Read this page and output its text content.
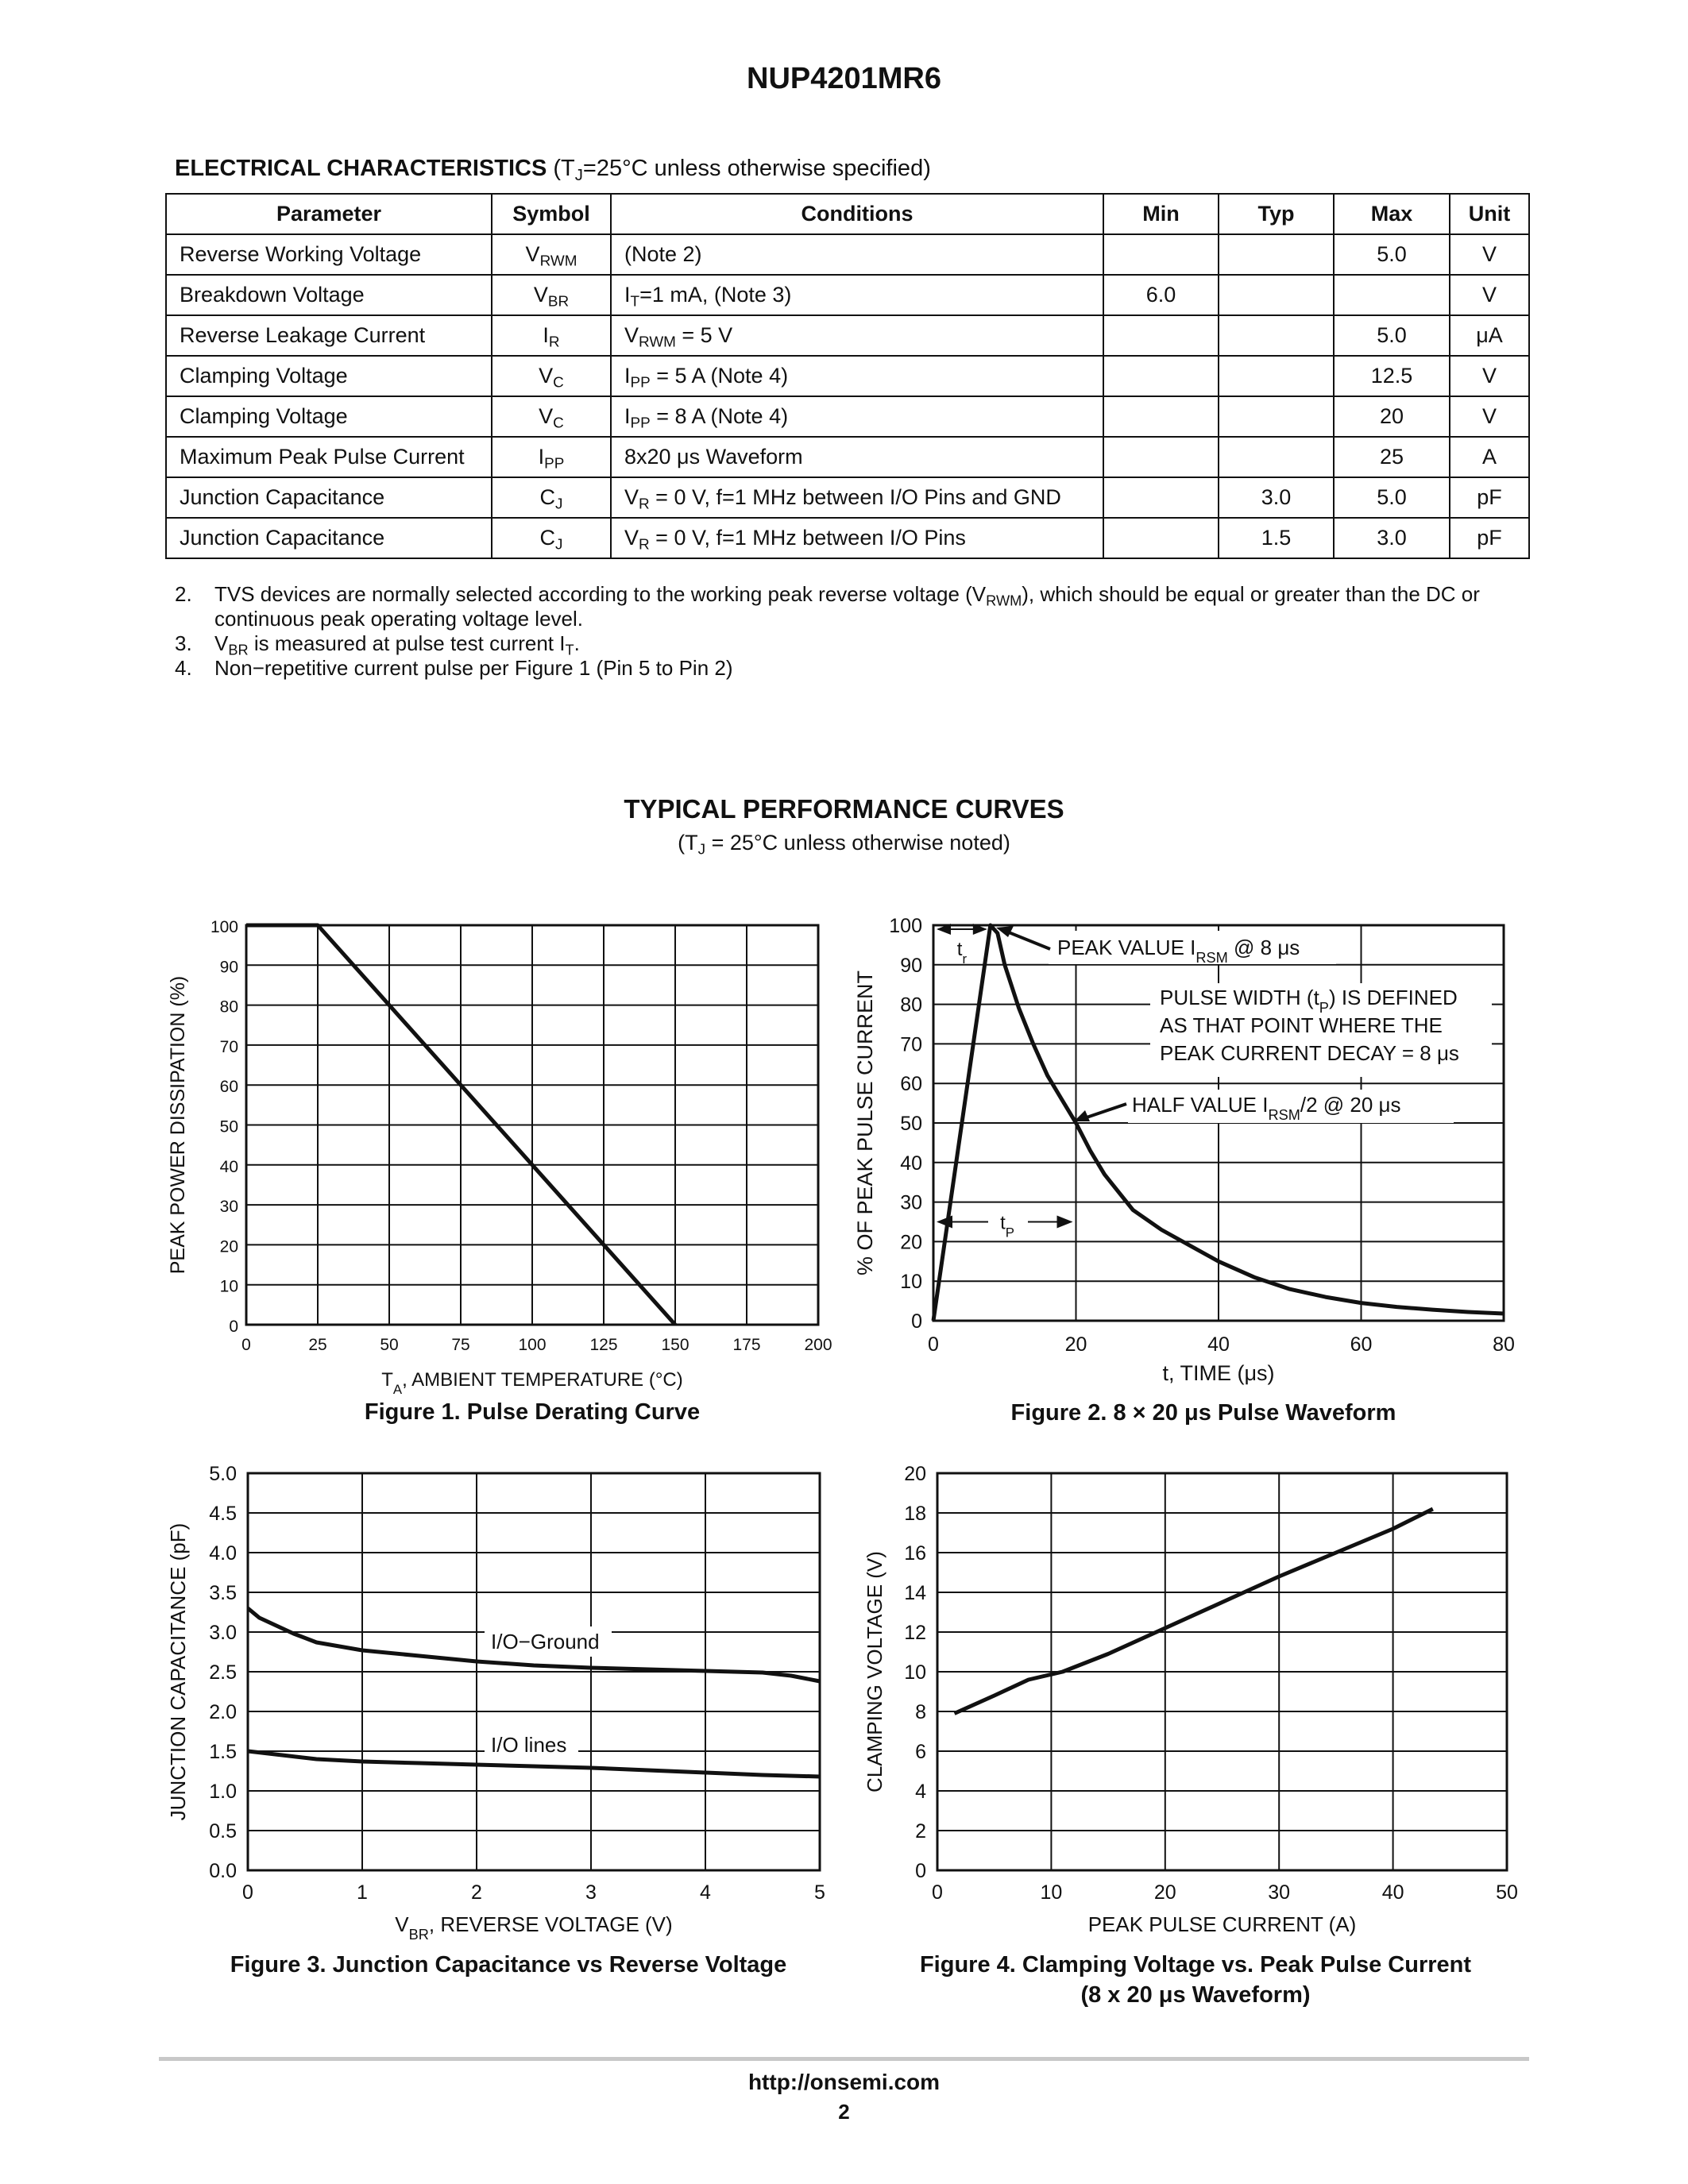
NUP4201MR6
ELECTRICAL CHARACTERISTICS ($T_J=25^\circ C$ unless otherwise specified)
Parameter	Symbol	Conditions	Min	Typ	Max	Unit
Reverse Working Voltage	$V_{RWM}$	(Note 2)			5.0	V
Breakdown Voltage	$V_{BR}$	$I_T=1$ mA, (Note 3)	6.0			V
Reverse Leakage Current	$I_R$	$V_{RWM} = 5$ V			5.0	μA
Clamping Voltage	$V_C$	$I_{PP} = 5$ A (Note 4)			12.5	V
Clamping Voltage	$V_C$	$I_{PP} = 8$ A (Note 4)			20	V
Maximum Peak Pulse Current	$I_{PP}$	8x20 μs Waveform			25	A
Junction Capacitance	$C_J$	$V_R = 0$ V, f=1 MHz between I/O Pins and GND		3.0	5.0	pF
Junction Capacitance	$C_J$	$V_R = 0$ V, f=1 MHz between I/O Pins		1.5	3.0	pF
2. TVS devices are normally selected according to the working peak reverse voltage $(V_{RWM})$, which should be equal or greater than the DC or continuous peak operating voltage level.
3. $V_{BR}$ is measured at pulse test current $I_T$.
4. Non−repetitive current pulse per Figure 1 (Pin 5 to Pin 2)
TYPICAL PERFORMANCE CURVES
($T_J = 25^\circ C$ unless otherwise noted)
0	25	50	75	100	125	150	175	200
0
10
20
30
40
50
60
70
80
90
100
$T_A$, AMBIENT TEMPERATURE (°C)
PEAK POWER DISSIPATION (%)
0	20	40	60	80
0
10
20
30
40
50
60
70
80
90
100
t, TIME (μs)
% OF PEAK PULSE CURRENT
$t_r$	PEAK VALUE $I_{RSM}$ @ 8 μs
PULSE WIDTH $(t_P)$ IS DEFINED
AS THAT POINT WHERE THE
PEAK CURRENT DECAY = 8 μs
HALF VALUE $I_{RSM}/2$ @ 20 μs
$t_P$
0	1	2	3	4	5
0.0
0.5
1.0
1.5
2.0
2.5
3.0
3.5
4.0
4.5
5.0
$V_{BR}$, REVERSE VOLTAGE (V)
JUNCTION CAPACITANCE (pF)	I/O−Ground
I/O lines
0	10	20	30	40	50
0
2
4
6
8
10
12
14
16
18
20
PEAK PULSE CURRENT (A)
CLAMPING VOLTAGE (V)
Figure 1. Pulse Derating Curve	Figure 2. 8 × 20 μs Pulse Waveform
Figure 3. Junction Capacitance vs Reverse Voltage	Figure 4. Clamping Voltage vs. Peak Pulse Current
(8 x 20 μs Waveform)
http://onsemi.com
2
